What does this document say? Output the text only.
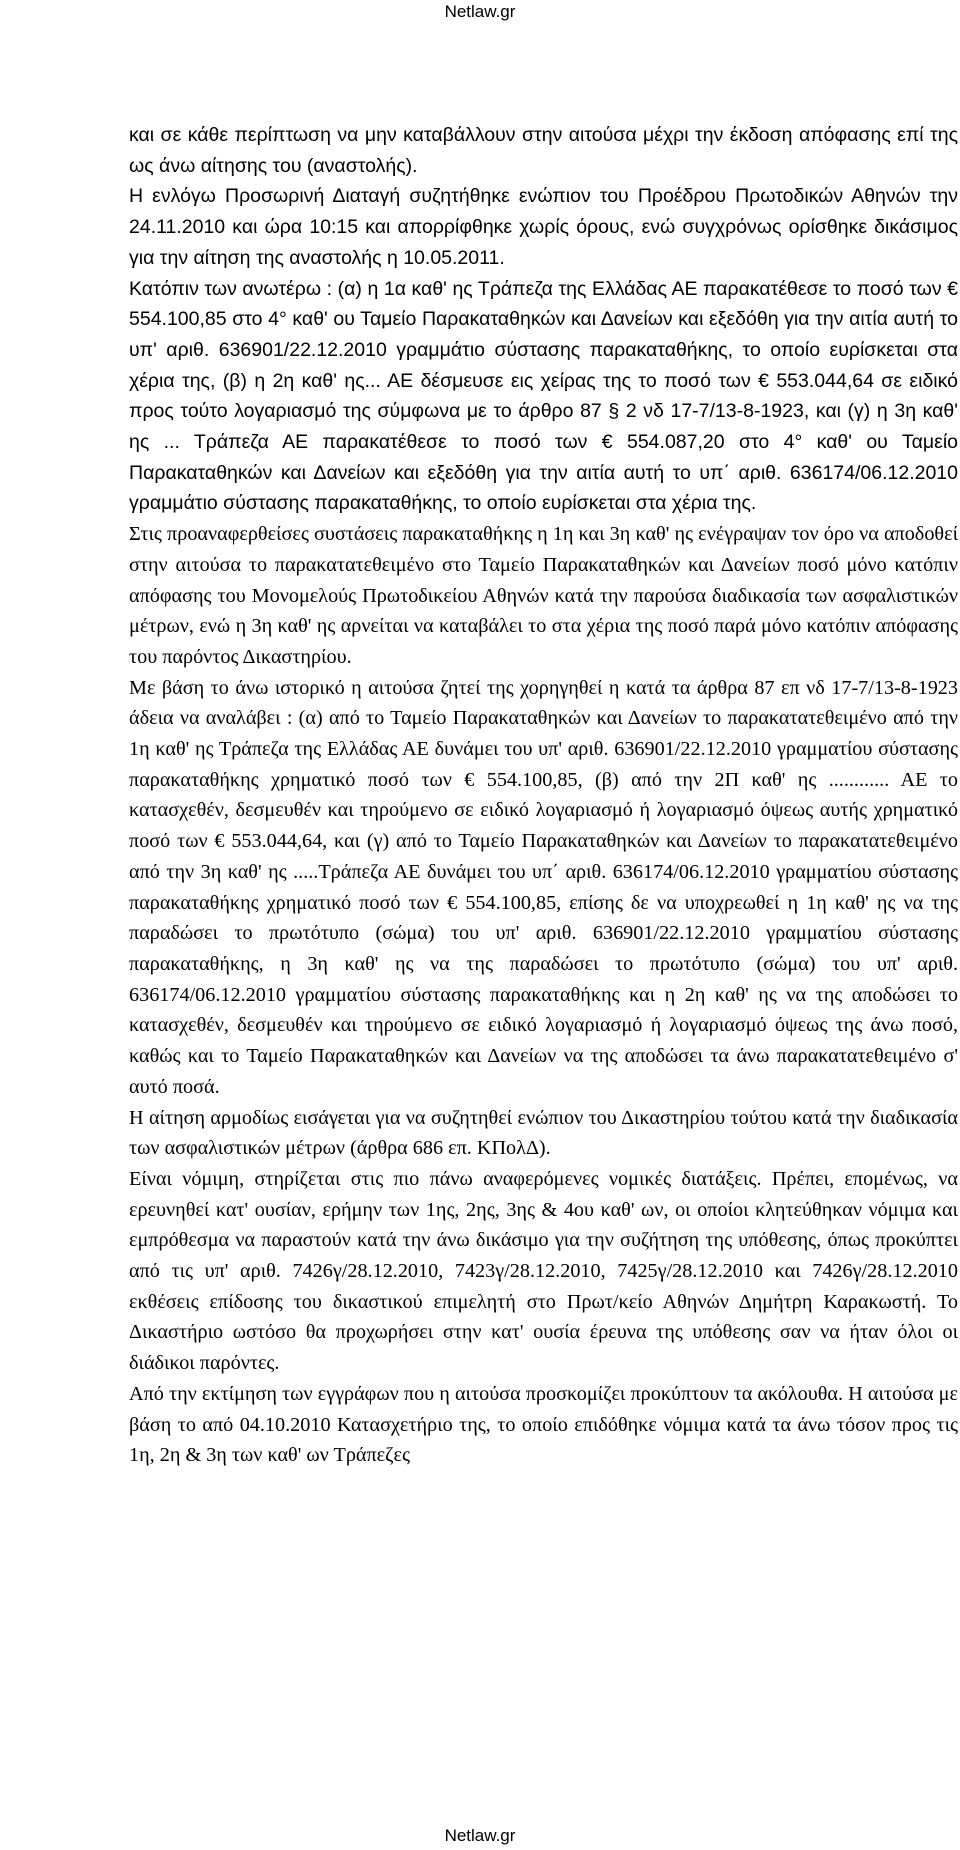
Netlaw.gr

και σε κάθε περίπτωση να μην καταβάλλουν στην αιτούσα μέχρι την έκδοση απόφασης επί της ως άνω αίτησης του (αναστολής).

Η ενλόγω Προσωρινή Διαταγή συζητήθηκε ενώπιον του Προέδρου Πρωτοδικών Αθηνών την 24.11.2010 και ώρα 10:15 και απορρίφθηκε χωρίς όρους, ενώ συγχρόνως ορίσθηκε δικάσιμος για την αίτηση της αναστολής η 10.05.2011.

Κατόπιν των ανωτέρω : (α) η 1α καθ' ης Τράπεζα της Ελλάδας ΑΕ παρακατέθεσε το ποσό των € 554.100,85 στο 4° καθ' ου Ταμείο Παρακαταθηκών και Δανείων και εξεδόθη για την αιτία αυτή το υπ' αριθ. 636901/22.12.2010 γραμμάτιο σύστασης παρακαταθήκης, το οποίο ευρίσκεται στα χέρια της, (β) η 2η καθ' ης... ΑΕ δέσμευσε εις χείρας της το ποσό των € 553.044,64 σε ειδικό προς τούτο λογαριασμό της σύμφωνα με το άρθρο 87 § 2 νδ 17-7/13-8-1923, και (γ) η 3η καθ' ης ... Τράπεζα ΑΕ παρακατέθεσε το ποσό των € 554.087,20 στο 4° καθ' ου Ταμείο Παρακαταθηκών και Δανείων και εξεδόθη για την αιτία αυτή το υπ΄ αριθ. 636174/06.12.2010 γραμμάτιο σύστασης παρακαταθήκης, το οποίο ευρίσκεται στα χέρια της.

Στις προαναφερθείσες συστάσεις παρακαταθήκης η 1η και 3η καθ' ης ενέγραψαν τον όρο να αποδοθεί στην αιτούσα το παρακατατεθειμένο στο Ταμείο Παρακαταθηκών και Δανείων ποσό μόνο κατόπιν απόφασης του Μονομελούς Πρωτοδικείου Αθηνών κατά την παρούσα διαδικασία των ασφαλιστικών μέτρων, ενώ η 3η καθ' ης αρνείται να καταβάλει το στα χέρια της ποσό παρά μόνο κατόπιν απόφασης του παρόντος Δικαστηρίου.

Με βάση το άνω ιστορικό η αιτούσα ζητεί της χορηγηθεί η κατά τα άρθρα 87 επ νδ 17-7/13-8-1923 άδεια να αναλάβει : (α) από το Ταμείο Παρακαταθηκών και Δανείων το παρακατατεθειμένο από την 1η καθ' ης Τράπεζα της Ελλάδας ΑΕ δυνάμει του υπ' αριθ. 636901/22.12.2010 γραμματίου σύστασης παρακαταθήκης χρηματικό ποσό των € 554.100,85, (β) από την 2Π καθ' ης ............ ΑΕ το κατασχεθέν, δεσμευθέν και τηρούμενο σε ειδικό λογαριασμό ή λογαριασμό όψεως αυτής χρηματικό ποσό των € 553.044,64, και (γ) από το Ταμείο Παρακαταθηκών και Δανείων το παρακατατεθειμένο από την 3η καθ' ης .....Τράπεζα ΑΕ δυνάμει του υπ΄ αριθ. 636174/06.12.2010 γραμματίου σύστασης παρακαταθήκης χρηματικό ποσό των € 554.100,85, επίσης δε να υποχρεωθεί η 1η καθ' ης να της παραδώσει το πρωτότυπο (σώμα) του υπ' αριθ. 636901/22.12.2010 γραμματίου σύστασης παρακαταθήκης, η 3η καθ' ης να της παραδώσει το πρωτότυπο (σώμα) του υπ' αριθ. 636174/06.12.2010 γραμματίου σύστασης παρακαταθήκης και η 2η καθ' ης να της αποδώσει το κατασχεθέν, δεσμευθέν και τηρούμενο σε ειδικό λογαριασμό ή λογαριασμό όψεως της άνω ποσό, καθώς και το Ταμείο Παρακαταθηκών και Δανείων να της αποδώσει τα άνω παρακατατεθειμένο σ' αυτό ποσά.

Η αίτηση αρμοδίως εισάγεται για να συζητηθεί ενώπιον του Δικαστηρίου τούτου κατά την διαδικασία των ασφαλιστικών μέτρων (άρθρα 686 επ. ΚΠολΔ).

Είναι νόμιμη, στηρίζεται στις πιο πάνω αναφερόμενες νομικές διατάξεις. Πρέπει, επομένως, να ερευνηθεί κατ' ουσίαν, ερήμην των 1ης, 2ης, 3ης & 4ου καθ' ων, οι οποίοι κλητεύθηκαν νόμιμα και εμπρόθεσμα να παραστούν κατά την άνω δικάσιμο για την συζήτηση της υπόθεσης, όπως προκύπτει από τις υπ' αριθ. 7426γ/28.12.2010, 7423γ/28.12.2010, 7425γ/28.12.2010 και 7426γ/28.12.2010 εκθέσεις επίδοσης του δικαστικού επιμελητή στο Πρωτ/κείο Αθηνών Δημήτρη Καρακωστή. Το Δικαστήριο ωστόσο θα προχωρήσει στην κατ' ουσία έρευνα της υπόθεσης σαν να ήταν όλοι οι διάδικοι παρόντες.

Από την εκτίμηση των εγγράφων που η αιτούσα προσκομίζει προκύπτουν τα ακόλουθα. Η αιτούσα με βάση το από 04.10.2010 Κατασχετήριο της, το οποίο επιδόθηκε νόμιμα κατά τα άνω τόσον προς τις 1η, 2η & 3η των καθ' ων Τράπεζες

Netlaw.gr
